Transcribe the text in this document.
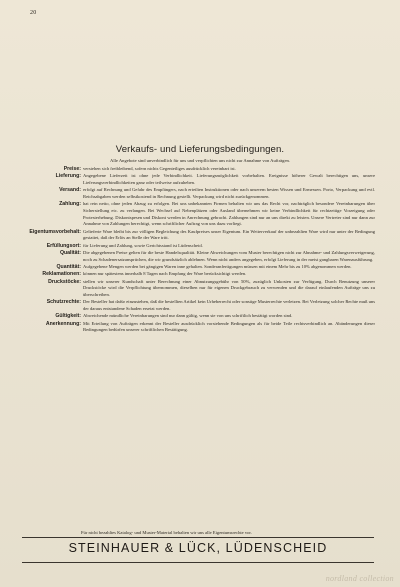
20
Verkaufs- und Lieferungsbedingungen.
Alle Angebote sind unverbindlich für uns und verpflichten uns nicht zur Annahme von Aufträgen.
Preise: verstehen sich freibleibend, sofern nichts Gegenteiliges ausdrücklich vereinbart ist.
Lieferung: Angegebene Lieferzeit ist ohne jede Verbindlichkeit. Lieferungsmöglichkeit vorbehalten. Ereignisse höherer Gewalt berechtigen uns, unsere Lieferungsverbindlichkeiten ganz oder teilweise aufzuheben.
Versand: erfolgt auf Rechnung und Gefahr des Empfängers, nach erteilten Instruktionen oder nach unserem besten Wissen und Ermessen. Porto, Verpackung und evtl. Reichsabgaben werden selbstkostend in Rechnung gestellt. Verpackung wird nicht zurückgenommen.
Zahlung: hat rein netto, ohne jeden Abzug zu erfolgen. Bei uns unbekannten Firmen behalten wir uns das Recht vor, nachträglich besondere Vereinbarungen über Sicherstellung etc. zu verlangen. Bei Wechsel auf Nebenplätzen oder Ausland übernehmen wir keine Verbindlichkeit für rechtzeitige Vorzeigung oder Protesterhebung. Diskontspesen und Diskont werden in Anrechnung gebracht. Zahlungen sind nur an uns direkt zu leisten. Unsere Vertreter sind nur dann zur Annahme von Zahlungen berechtigt, wenn schriftlicher Auftrag von uns dazu vorliegt.
Eigentumsvorbehalt: Gelieferte Ware bleibt bis zur völligen Begleichung des Kaufpreises unser Eigentum. Ein Weiterverkauf der unbezahlten Ware wird nur unter der Bedingung gestattet, daß der Erlös an Stelle der Ware tritt.
Erfüllungsort: für Lieferung und Zahlung, sowie Gerichtsstand ist Lüdenscheid.
Qualität: Die abgegebenen Preise gelten für die beste Handelsqualität. Kleine Abweichungen vom Muster berechtigen nicht zur Abnahme- und Zahlungsverweigerung, noch zu Schadenersatzansprüchen, die wir grundsätzlich ablehnen. Wenn nicht anders angegeben, erfolgt Lieferung in der meist gangbaren Warenausführung.
Quantität: Aufgegebene Mengen werden bei gängigen Waren inne gehalten. Sonderanfertigungen müssen mit einem Mehr bis zu 10% abgenommen werden.
Reklamationen: können nur spätestens innerhalb 8 Tagen nach Empfang der Ware berücksichtigt werden.
Druckstöcke: stellen wir unserer Kundschaft unter Berechnung einer Abnutzungsgebühr von 50%, zuzüglich Unkosten zur Verfügung. Durch Benutzung unserer Druckstöcke wird die Verpflichtung übernommen, dieselben nur für eigenen Druckgebrauch zu verwenden und die darauf einlaufenden Aufträge uns zu überschreiben.
Schutzrechte: Der Besteller hat dafür einzustehen, daß die bestellten Artikel kein Urheberrecht oder sonstige Musterrechte verletzen. Bei Verletzung solcher Rechte muß uns der daraus entstandene Schaden ersetzt werden.
Gültigkeit: Abweichende mündliche Vereinbarungen sind nur dann gültig, wenn sie von uns schriftlich bestätigt worden sind.
Anerkennung: Mit Erteilung von Aufträgen erkennt der Besteller ausdrücklich vorstehende Bedingungen als für beide Teile rechtsverbindlich an. Abänderungen dieser Bedingungen bedürfen unserer schriftlichen Bestätigung.
Für nicht bezahltes Katalog- und Muster-Material behalten wir uns alle Eigentumsrechte vor.
STEINHAUER & LÜCK, LÜDENSCHEID
nordland collection
